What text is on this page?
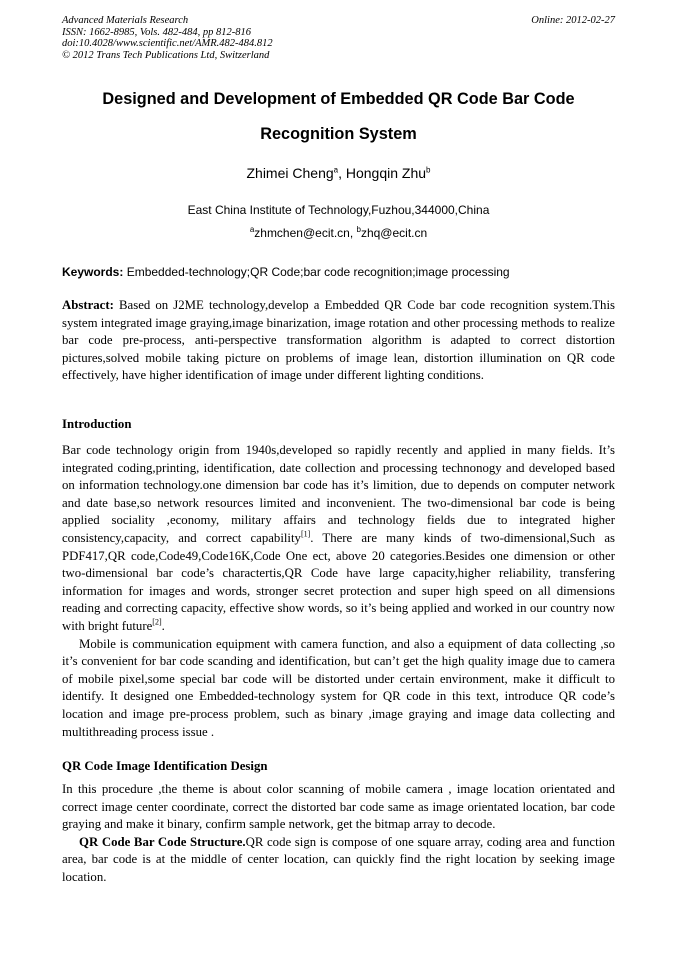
Advanced Materials Research
ISSN: 1662-8985, Vols. 482-484, pp 812-816
doi:10.4028/www.scientific.net/AMR.482-484.812
© 2012 Trans Tech Publications Ltd, Switzerland
Online: 2012-02-27
Designed and Development of Embedded QR Code Bar Code
Recognition System
Zhimei Cheng$^a$, Hongqin Zhu$^b$
East China Institute of Technology,Fuzhou,344000,China
$^a$zhmchen@ecit.cn, $^b$zhq@ecit.cn
Keywords: Embedded-technology;QR Code;bar code recognition;image processing

Abstract: Based on J2ME technology,develop a Embedded QR Code bar code recognition system.This system integrated image graying,image binarization, image rotation and other processing methods to realize bar code pre-process, anti-perspective transformation algorithm is adapted to correct distortion pictures,solved mobile taking picture on problems of image lean, distortion illumination on QR code effectively, have higher identification of image under different lighting conditions.

Introduction

Bar code technology origin from 1940s,developed so rapidly recently and applied in many fields. It’s integrated coding,printing, identification, date collection and processing technonogy and developed based on information technology.one dimension bar code has it’s limition, due to depends on computer network and date base,so network resources limited and inconvenient. The two-dimensional bar code is being applied sociality ,economy, military affairs and technology fields due to integrated higher consistency,capacity, and correct capability[1]. There are many kinds of two-dimensional,Such as PDF417,QR code,Code49,Code16K,Code One ect, above 20 categories.Besides one dimension or other two-dimensional bar code’s charactertis,QR Code have large capacity,higher reliability, transfering information for images and words, stronger secret protection and super high speed on all dimensions reading and correcting capacity, effective show words, so it’s being applied and worked in our country now with bright future[2].

Mobile is communication equipment with camera function, and also a equipment of data collecting ,so it’s convenient for bar code scanding and identification, but can’t get the high quality image due to camera of mobile pixel,some special bar code will be distorted under certain environment, make it difficult to identify. It designed one Embedded-technology system for QR code in this text, introduce QR code’s location and image pre-process problem, such as binary ,image graying and image data collecting and multithreading process issue .

QR Code Image Identification Design

In this procedure ,the theme is about color scanning of mobile camera , image location orientated and correct image center coordinate, correct the distorted bar code same as image orientated location, bar code graying and make it binary, confirm sample network, get the bitmap array to decode.

QR Code Bar Code Structure.QR code sign is compose of one square array, coding area and function area, bar code is at the middle of center location, can quickly find the right location by seeking image location.
